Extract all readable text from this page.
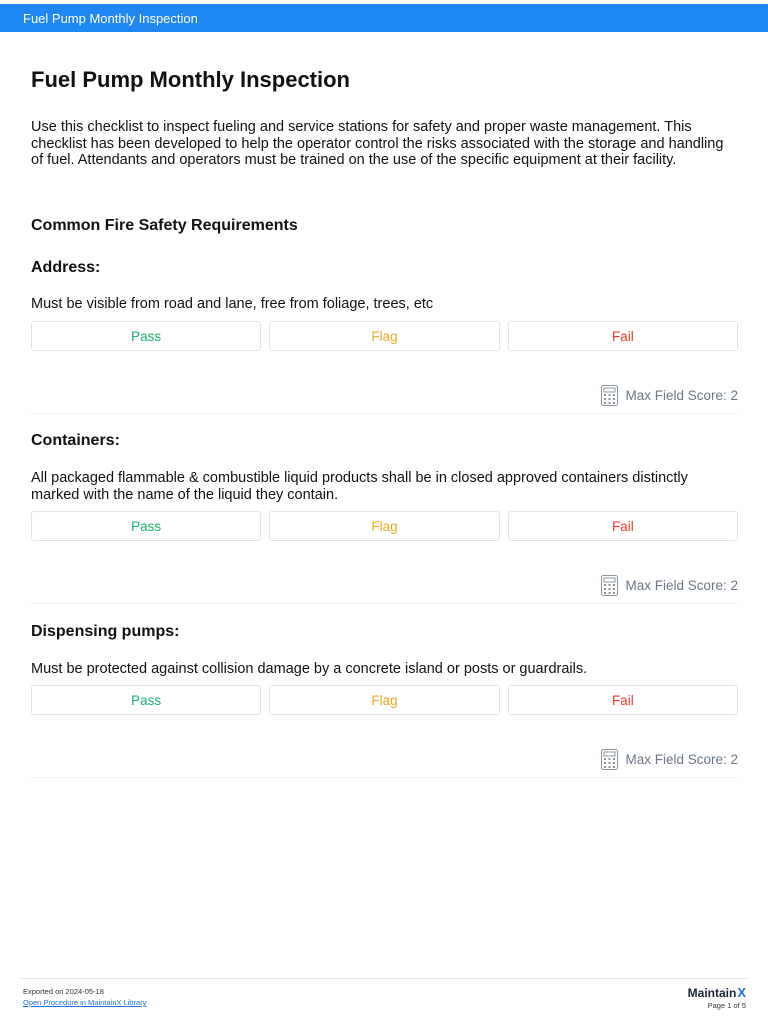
Fuel Pump Monthly Inspection
Fuel Pump Monthly Inspection

Use this checklist to inspect fueling and service stations for safety and proper waste management. This checklist has been developed to help the operator control the risks associated with the storage and handling of fuel. Attendants and operators must be trained on the use of the specific equipment at their facility.

Common Fire Safety Requirements
Address:

Must be visible from road and lane, free from foliage, trees, etc

Pass	Flag	Fail
Max Field Score: 2
Containers:

All packaged flammable & combustible liquid products shall be in closed approved containers distinctly marked with the name of the liquid they contain.

Pass	Flag	Fail
Max Field Score: 2
Dispensing pumps:

Must be protected against collision damage by a concrete island or posts or guardrails.

Pass	Flag	Fail
Max Field Score: 2
Exported on 2024-05-18
Open Procedure in MaintainX Library
Maintain X
Page 1 of 5
